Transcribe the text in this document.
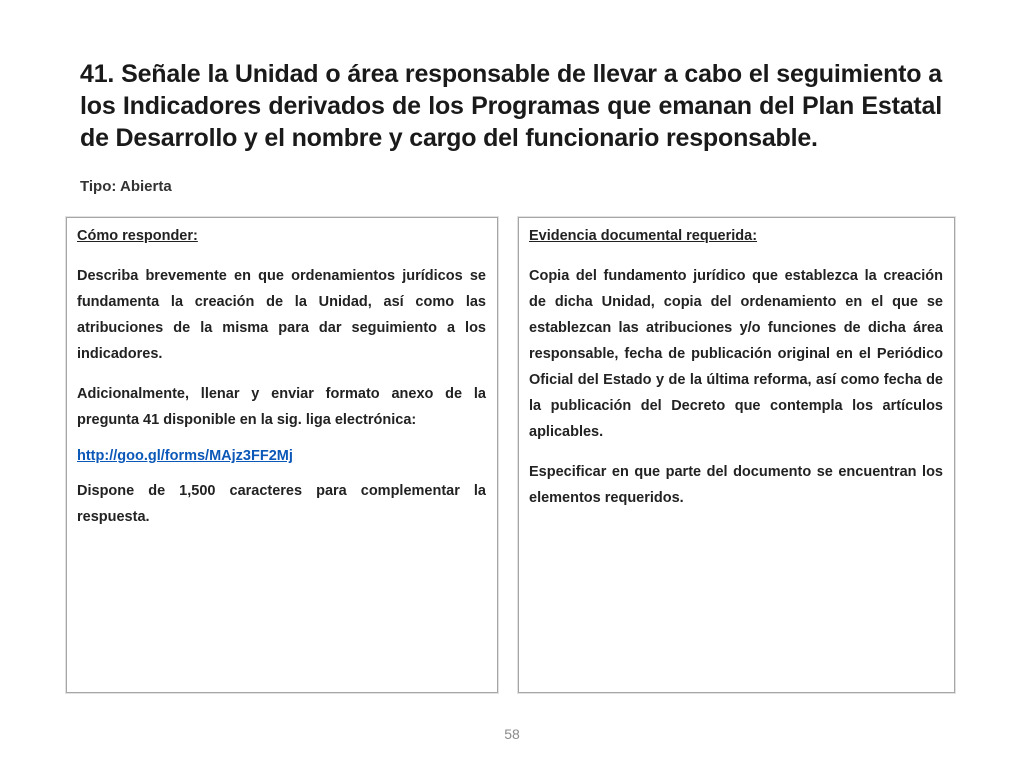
41. Señale la Unidad o área responsable de llevar a cabo el seguimiento a los Indicadores derivados de los Programas que emanan del Plan Estatal de Desarrollo y el nombre y cargo del funcionario responsable.

Tipo: Abierta

Cómo responder:

Describa brevemente en que ordenamientos jurídicos se fundamenta la creación de la Unidad, así como las atribuciones de la misma para dar seguimiento a los indicadores.

Adicionalmente, llenar y enviar formato anexo de la pregunta 41 disponible en la sig. liga electrónica:

http://goo.gl/forms/MAjz3FF2Mj

Dispone de 1,500 caracteres para complementar la respuesta.

Evidencia documental requerida:

Copia del fundamento jurídico que establezca la creación de dicha Unidad, copia del ordenamiento en el que se establezcan las atribuciones y/o funciones de dicha área responsable, fecha de publicación original en el Periódico Oficial del Estado y de la última reforma, así como fecha de la publicación del Decreto que contempla los artículos aplicables.

Especificar en que parte del documento se encuentran los elementos requeridos.

58
